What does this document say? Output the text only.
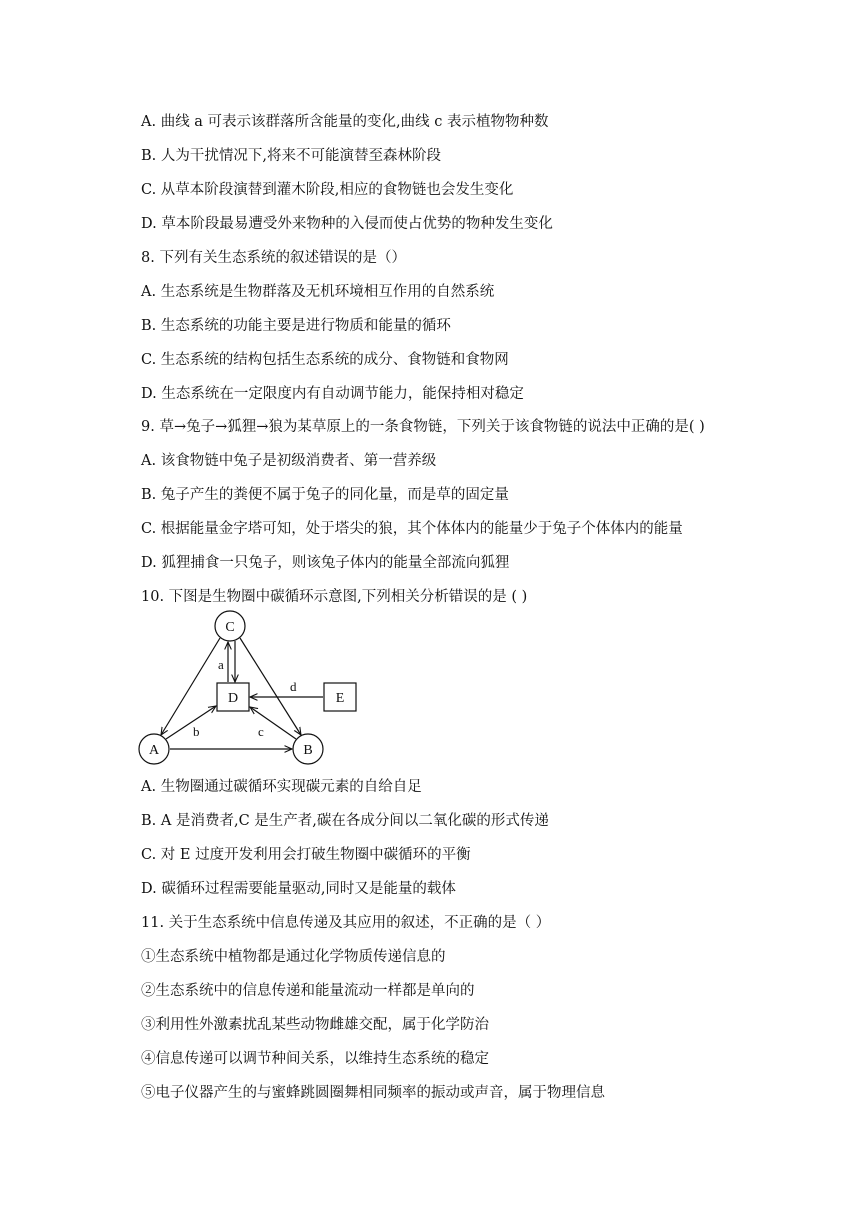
A. 曲线 a 可表示该群落所含能量的变化,曲线 c 表示植物物种数
B. 人为干扰情况下,将来不可能演替至森林阶段
C. 从草本阶段演替到灌木阶段,相应的食物链也会发生变化
D. 草本阶段最易遭受外来物种的入侵而使占优势的物种发生变化
8. 下列有关生态系统的叙述错误的是（）
A. 生态系统是生物群落及无机环境相互作用的自然系统
B. 生态系统的功能主要是进行物质和能量的循环
C. 生态系统的结构包括生态系统的成分、食物链和食物网
D. 生态系统在一定限度内有自动调节能力，能保持相对稳定
9. 草→兔子→狐狸→狼为某草原上的一条食物链，下列关于该食物链的说法中正确的是( )
A. 该食物链中兔子是初级消费者、第一营养级
B. 兔子产生的粪便不属于兔子的同化量，而是草的固定量
C. 根据能量金字塔可知，处于塔尖的狼，其个体体内的能量少于兔子个体体内的能量
D. 狐狸捕食一只兔子，则该兔子体内的能量全部流向狐狸
10. 下图是生物圈中碳循环示意图,下列相关分析错误的是 ( )
C
D	E
A	B
a
d
b	c
A. 生物圈通过碳循环实现碳元素的自给自足
B. A 是消费者,C 是生产者,碳在各成分间以二氧化碳的形式传递
C. 对 E 过度开发利用会打破生物圈中碳循环的平衡
D. 碳循环过程需要能量驱动,同时又是能量的载体
11. 关于生态系统中信息传递及其应用的叙述，不正确的是（ ）
①生态系统中植物都是通过化学物质传递信息的
②生态系统中的信息传递和能量流动一样都是单向的
③利用性外激素扰乱某些动物雌雄交配，属于化学防治
④信息传递可以调节种间关系，以维持生态系统的稳定
⑤电子仪器产生的与蜜蜂跳圆圈舞相同频率的振动或声音，属于物理信息
